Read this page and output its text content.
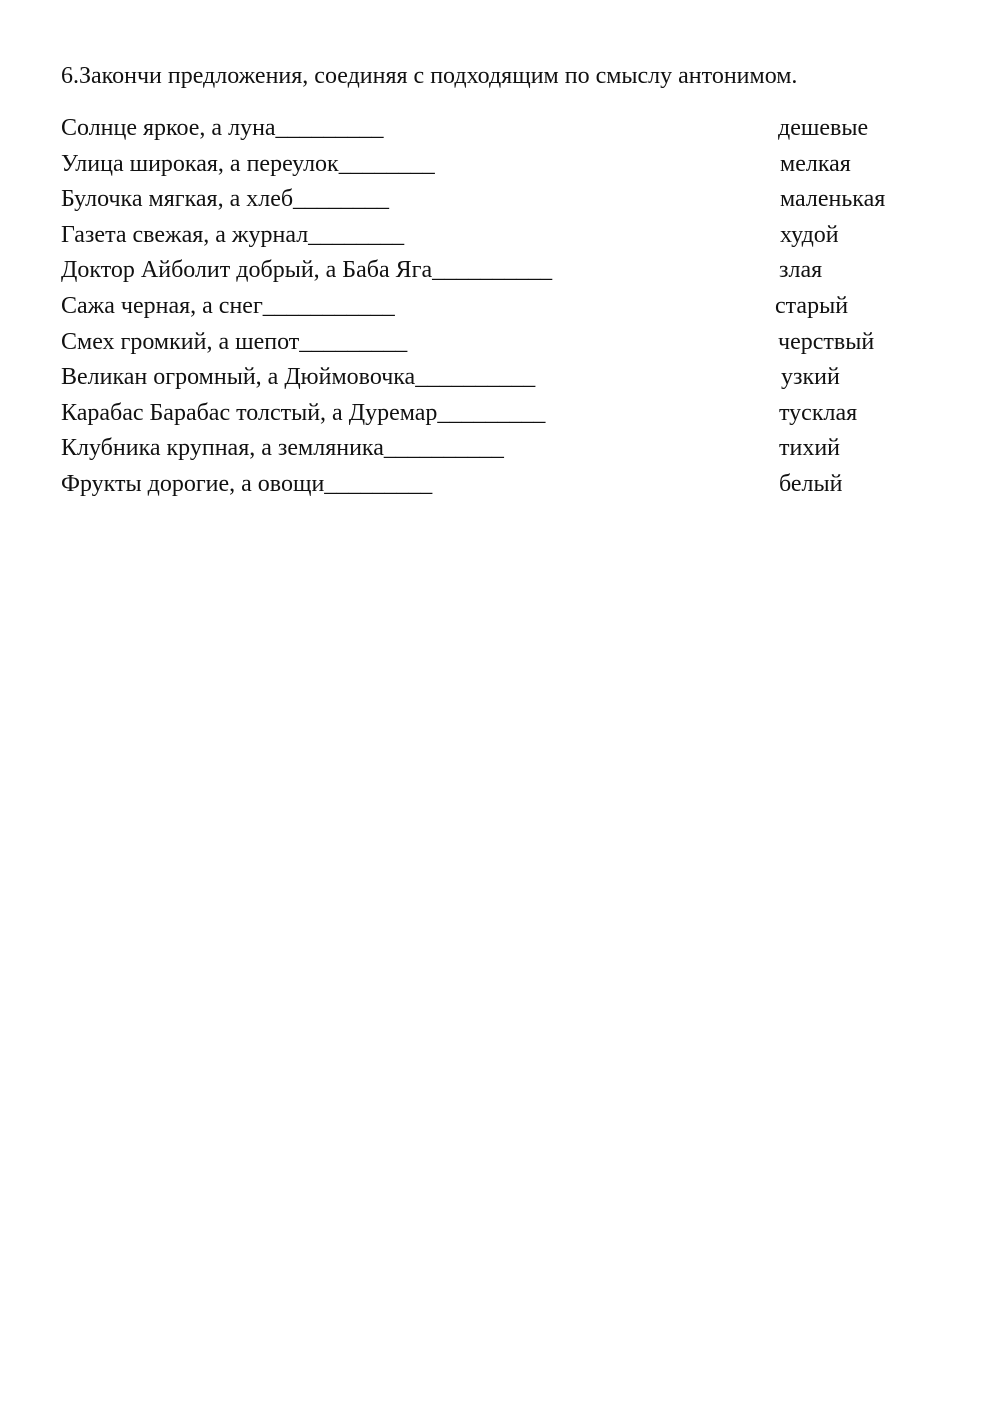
6.Закончи предложения, соединяя с подходящим по смыслу антонимом.
Солнце яркое, а луна_________	дешевые
Улица широкая, а переулок________	мелкая
Булочка мягкая, а хлеб________	маленькая
Газета свежая, а журнал________	худой
Доктор Айболит добрый, а Баба Яга__________	злая
Сажа черная, а снег___________	старый
Смех громкий, а шепот_________	черствый
Великан огромный, а Дюймовочка__________	узкий
Карабас Барабас толстый, а Дуремар_________	тусклая
Клубника крупная, а земляника__________	тихий
Фрукты дорогие, а овощи_________	белый
